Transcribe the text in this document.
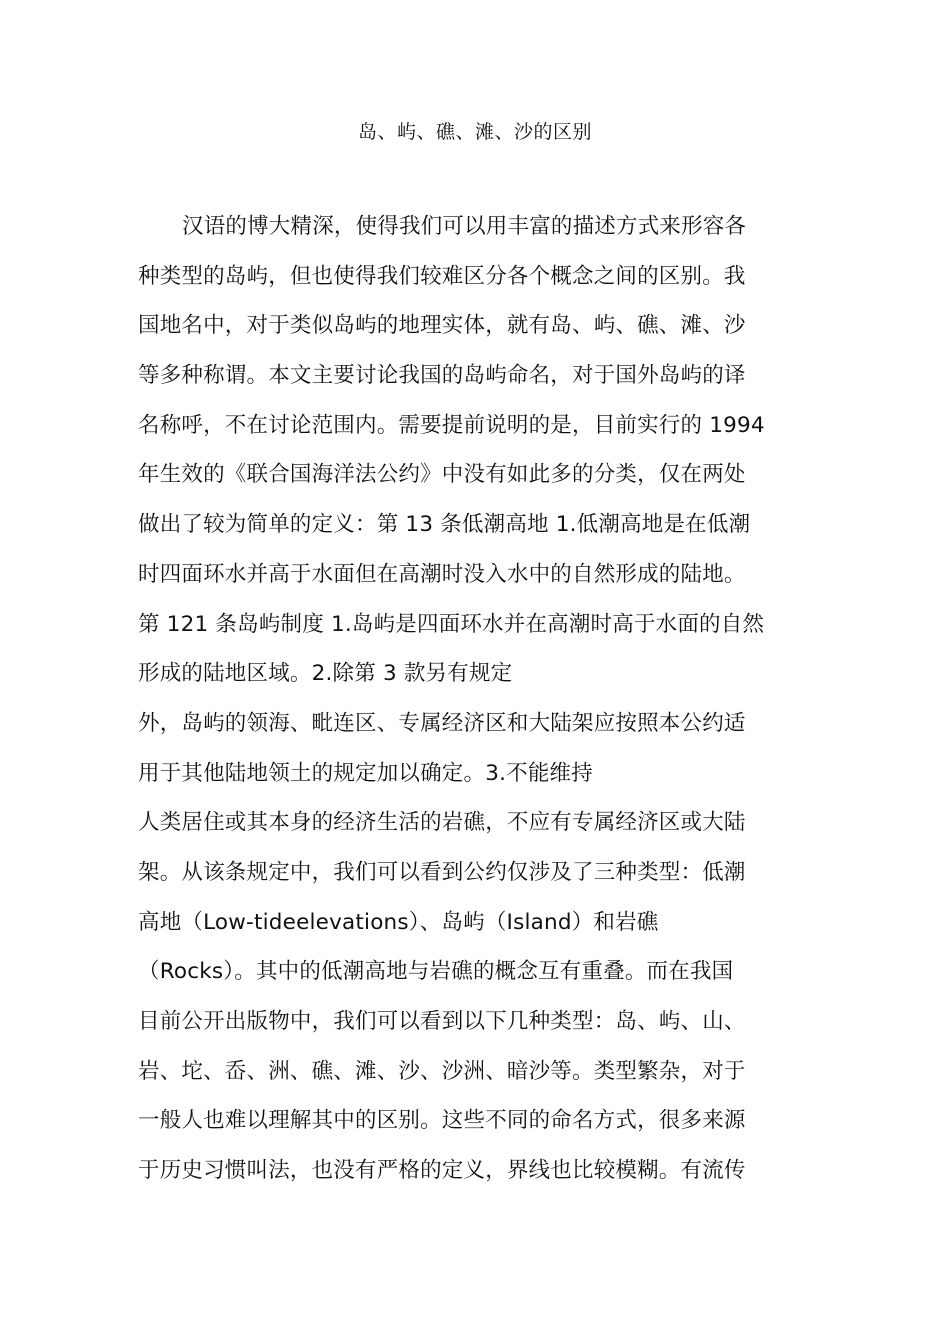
岛、屿、礁、滩、沙的区别
汉语的博大精深，使得我们可以用丰富的描述方式来形容各
种类型的岛屿，但也使得我们较难区分各个概念之间的区别。我
国地名中，对于类似岛屿的地理实体，就有岛、屿、礁、滩、沙
等多种称谓。本文主要讨论我国的岛屿命名，对于国外岛屿的译
名称呼，不在讨论范围内。需要提前说明的是，目前实行的 1994
年生效的《联合国海洋法公约》中没有如此多的分类，仅在两处
做出了较为简单的定义：第 13 条低潮高地 1.低潮高地是在低潮
时四面环水并高于水面但在高潮时没入水中的自然形成的陆地。
第 121 条岛屿制度 1.岛屿是四面环水并在高潮时高于水面的自然
形成的陆地区域。2.除第 3 款另有规定
外，岛屿的领海、毗连区、专属经济区和大陆架应按照本公约适
用于其他陆地领土的规定加以确定。3.不能维持
人类居住或其本身的经济生活的岩礁，不应有专属经济区或大陆
架。从该条规定中，我们可以看到公约仅涉及了三种类型：低潮
高地（Low-tideelevations）、岛屿（Island）和岩礁
（Rocks）。其中的低潮高地与岩礁的概念互有重叠。而在我国
目前公开出版物中，我们可以看到以下几种类型：岛、屿、山、
岩、坨、岙、洲、礁、滩、沙、沙洲、暗沙等。类型繁杂，对于
一般人也难以理解其中的区别。这些不同的命名方式，很多来源
于历史习惯叫法，也没有严格的定义，界线也比较模糊。有流传
